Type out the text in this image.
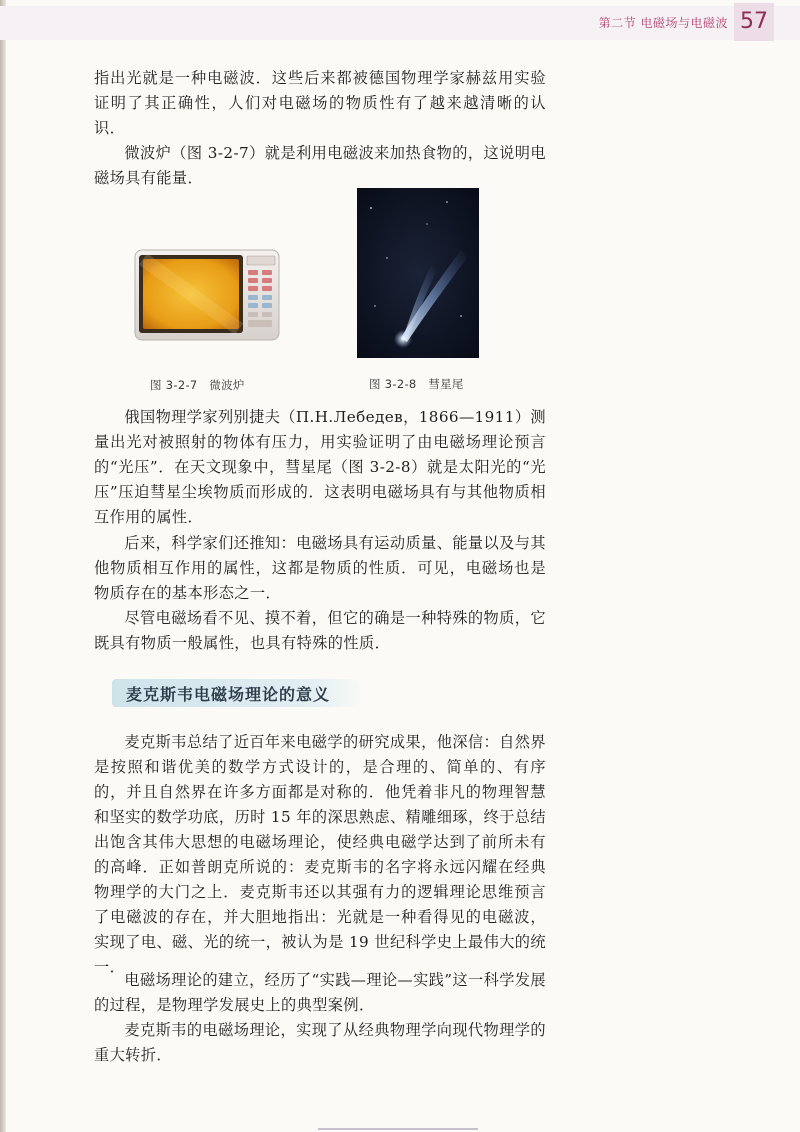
第二节 电磁场与电磁波 57

指出光就是一种电磁波．这些后来都被德国物理学家赫兹用实验证明了其正确性，人们对电磁场的物质性有了越来越清晰的认识．

微波炉（图 3-2-7）就是利用电磁波来加热食物的，这说明电磁场具有能量．

图 3-2-7　微波炉	图 3-2-8　彗星尾

俄国物理学家列别捷夫（П.Н.Лебедев，1866—1911）测量出光对被照射的物体有压力，用实验证明了由电磁场理论预言的“光压”．在天文现象中，彗星尾（图 3-2-8）就是太阳光的“光压”压迫彗星尘埃物质而形成的．这表明电磁场具有与其他物质相互作用的属性．

后来，科学家们还推知：电磁场具有运动质量、能量以及与其他物质相互作用的属性，这都是物质的性质．可见，电磁场也是物质存在的基本形态之一．

尽管电磁场看不见、摸不着，但它的确是一种特殊的物质，它既具有物质一般属性，也具有特殊的性质．

麦克斯韦电磁场理论的意义

麦克斯韦总结了近百年来电磁学的研究成果，他深信：自然界是按照和谐优美的数学方式设计的，是合理的、简单的、有序的，并且自然界在许多方面都是对称的．他凭着非凡的物理智慧和坚实的数学功底，历时 15 年的深思熟虑、精雕细琢，终于总结出饱含其伟大思想的电磁场理论，使经典电磁学达到了前所未有的高峰．正如普朗克所说的：麦克斯韦的名字将永远闪耀在经典物理学的大门之上．麦克斯韦还以其强有力的逻辑理论思维预言了电磁波的存在，并大胆地指出：光就是一种看得见的电磁波，实现了电、磁、光的统一，被认为是 19 世纪科学史上最伟大的统一．

电磁场理论的建立，经历了“实践—理论—实践”这一科学发展的过程，是物理学发展史上的典型案例．

麦克斯韦的电磁场理论，实现了从经典物理学向现代物理学的重大转折．
